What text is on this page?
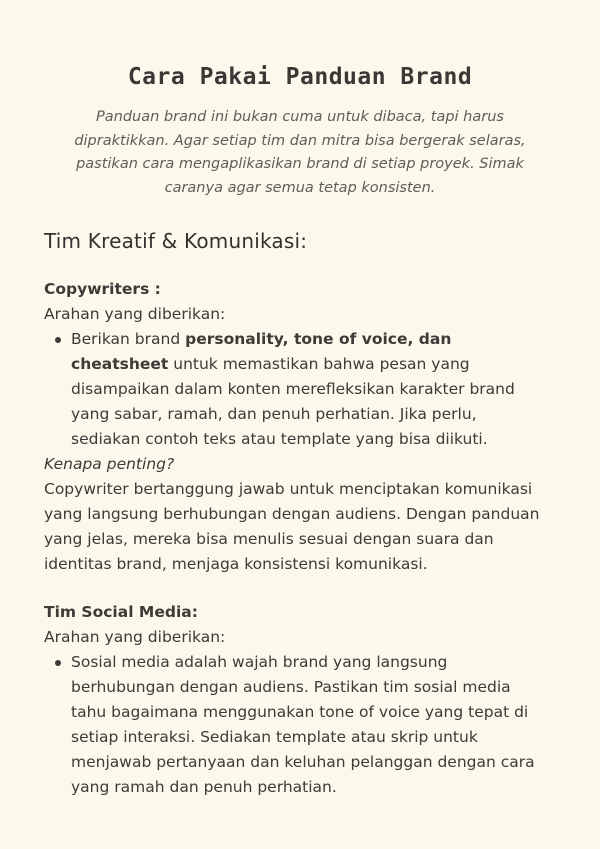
Cara Pakai Panduan Brand

Panduan brand ini bukan cuma untuk dibaca, tapi harus dipraktikkan. Agar setiap tim dan mitra bisa bergerak selaras, pastikan cara mengaplikasikan brand di setiap proyek. Simak caranya agar semua tetap konsisten.

Tim Kreatif & Komunikasi:

Copywriters :

Arahan yang diberikan:

Berikan brand personality, tone of voice, dan cheatsheet untuk memastikan bahwa pesan yang disampaikan dalam konten merefleksikan karakter brand yang sabar, ramah, dan penuh perhatian. Jika perlu, sediakan contoh teks atau template yang bisa diikuti.

Kenapa penting?

Copywriter bertanggung jawab untuk menciptakan komunikasi yang langsung berhubungan dengan audiens. Dengan panduan yang jelas, mereka bisa menulis sesuai dengan suara dan identitas brand, menjaga konsistensi komunikasi.

Tim Social Media:

Arahan yang diberikan:

Sosial media adalah wajah brand yang langsung berhubungan dengan audiens. Pastikan tim sosial media tahu bagaimana menggunakan tone of voice yang tepat di setiap interaksi. Sediakan template atau skrip untuk menjawab pertanyaan dan keluhan pelanggan dengan cara yang ramah dan penuh perhatian.
